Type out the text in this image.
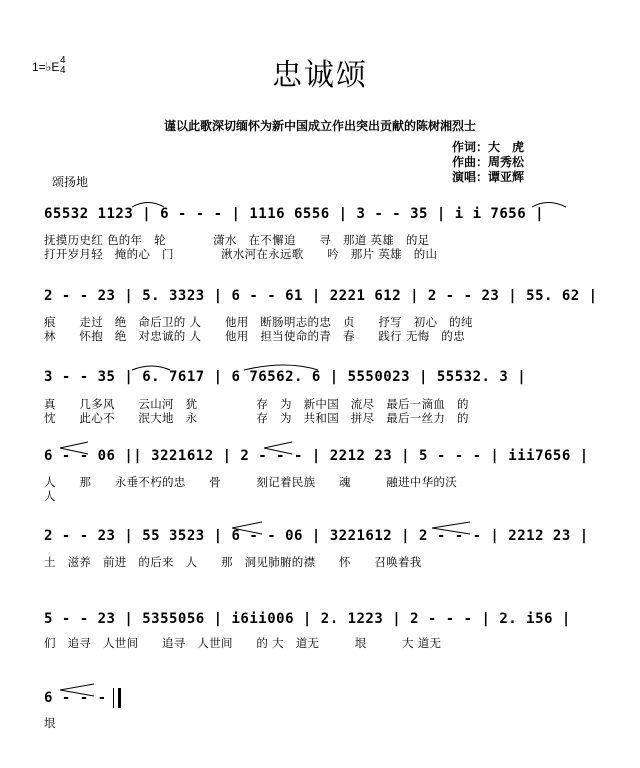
1=♭E 4
4	忠诚颂
谨以此歌深切缅怀为新中国成立作出突出贡献的陈树湘烈士
作词：大　虎
作曲：周秀松
演唱：谭亚辉
颂扬地
65532 1123 | 6 - - - | 1116 6556 | 3 - - 35 | i i 7656 |
抚摸历史红 色的年　轮　　　　潇水　在不懈追　　寻　那道 英雄　的足
打开岁月轻　掩的心　门　　　　湫水河在永远歌　　吟　那片 英雄　的山
2 - - 23 | 5. 3323 | 6 - - 61 | 2221 612 | 2 - - 23 | 55. 62 |
痕　　走过　绝　命后卫的 人　　他用　断肠明志的忠　贞　　抒写　初心　的纯
林　　怀抱　绝　对忠诚的 人　　他用　担当使命的青　春　　践行 无悔　的忠
3 - - 35 | 6. 7617 | 6 76562. 6 | 5550023 | 55532. 3 |
真　　几多风　　云山河　犹　　　　　存　为　新中国　流尽　最后一滴血　的
忱　　此心不　　泯大地　永　　　　　存　为　共和国　拼尽　最后一丝力　的
6 - - 06 || 3221612 | 2 - - - | 2212 23 | 5 - - - | iii7656 |
人　　那　　永垂不朽的忠　　骨　　　刻记着民族　　魂　　　融进中华的沃
人
2 - - 23 | 55 3523 | 6 - - 06 | 3221612 | 2 - - - | 2212 23 |
土　滋养　前进　的后来　人　　那　洞见肺腑的襟　　怀　　召唤着我
5 - - 23 | 5355056 | i6ii006 | 2. 1223 | 2 - - - | 2. i56 |
们　追寻　人世间　　追寻　人世间　　的 大　道无　　　垠　　　大 道无
6 - - -
垠
